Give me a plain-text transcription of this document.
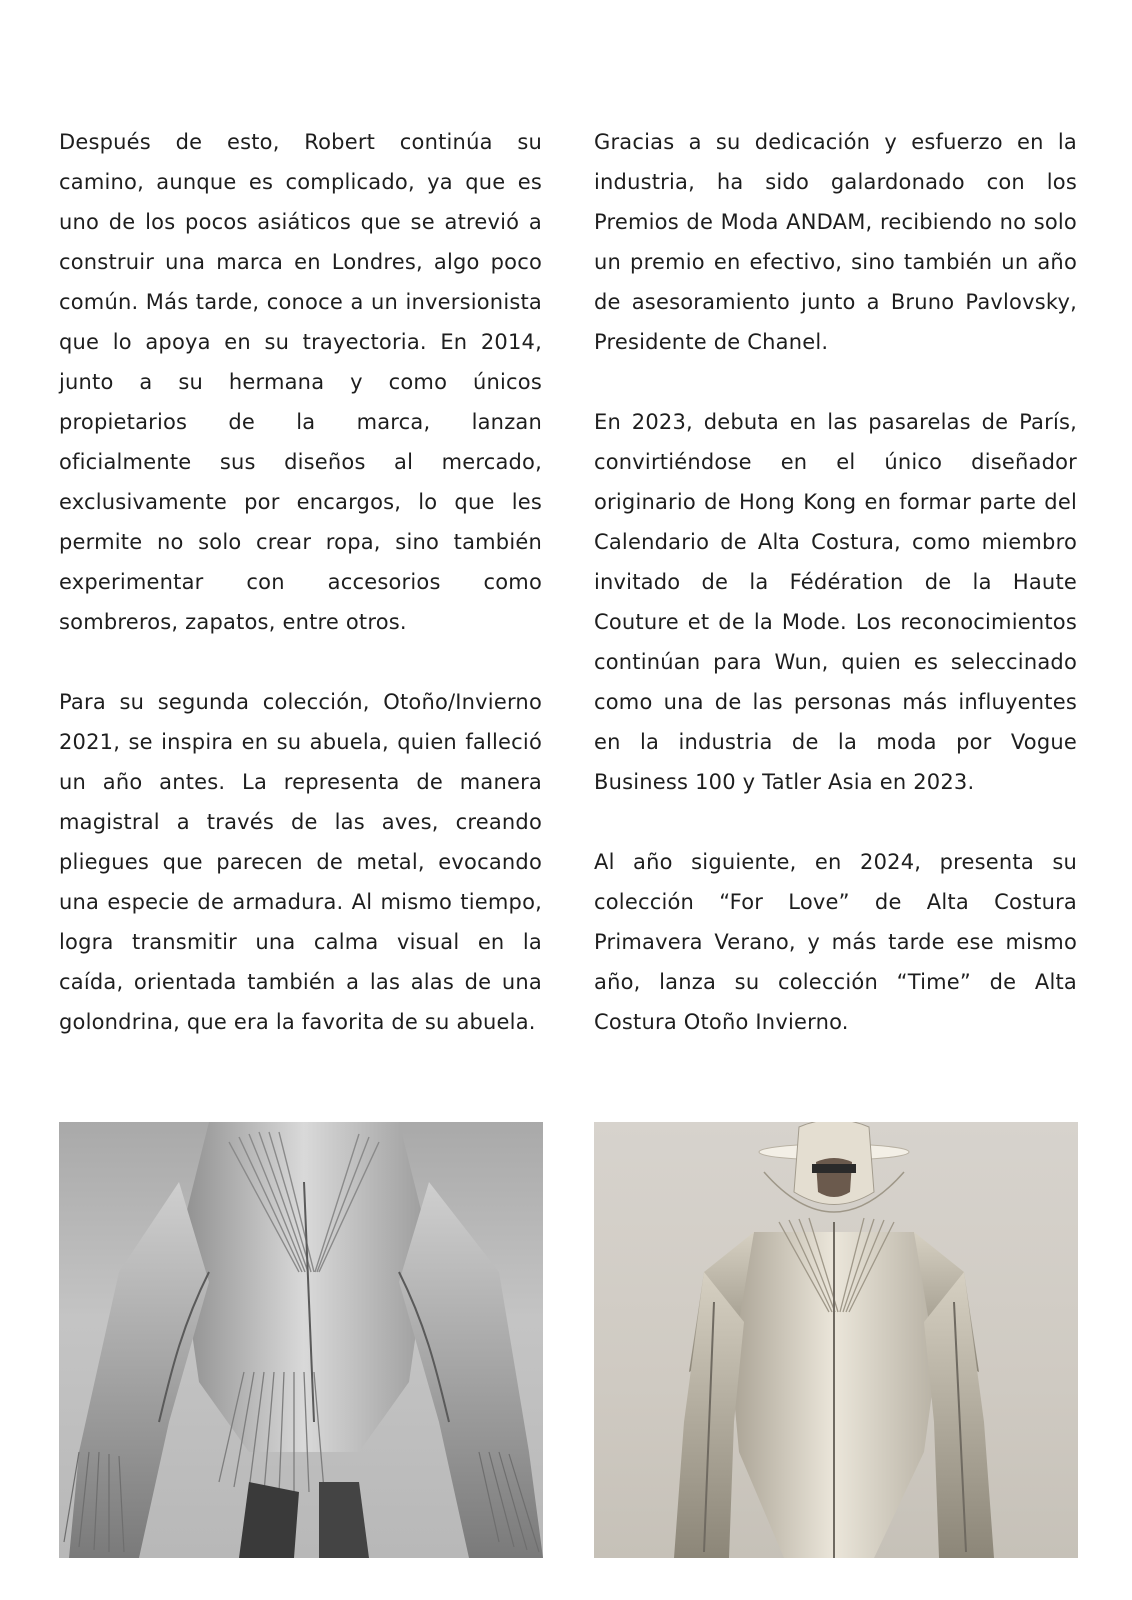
Después de esto, Robert continúa su camino, aunque es complicado, ya que es uno de los pocos asiáticos que se atrevió a construir una marca en Londres, algo poco común. Más tarde, conoce a un inversionista que lo apoya en su trayectoria. En 2014, junto a su hermana y como únicos propietarios de la marca, lanzan oficialmente sus diseños al mercado, exclusivamente por encargos, lo que les permite no solo crear ropa, sino también experimentar con accesorios como sombreros, zapatos, entre otros.

Para su segunda colección, Otoño/Invierno 2021, se inspira en su abuela, quien falleció un año antes. La representa de manera magistral a través de las aves, creando pliegues que parecen de metal, evocando una especie de armadura. Al mismo tiempo, logra transmitir una calma visual en la caída, orientada también a las alas de una golondrina, que era la favorita de su abuela.

Gracias a su dedicación y esfuerzo en la industria, ha sido galardonado con los Premios de Moda ANDAM, recibiendo no solo un premio en efectivo, sino también un año de asesoramiento junto a Bruno Pavlovsky, Presidente de Chanel.

En 2023, debuta en las pasarelas de París, convirtiéndose en el único diseñador originario de Hong Kong en formar parte del Calendario de Alta Costura, como miembro invitado de la Fédération de la Haute Couture et de la Mode. Los reconocimientos continúan para Wun, quien es seleccinado como una de las personas más influyentes en la industria de la moda por Vogue Business 100 y Tatler Asia en 2023.

Al año siguiente, en 2024, presenta su colección “For Love” de Alta Costura Primavera Verano, y más tarde ese mismo año, lanza su colección “Time” de Alta Costura Otoño Invierno.
